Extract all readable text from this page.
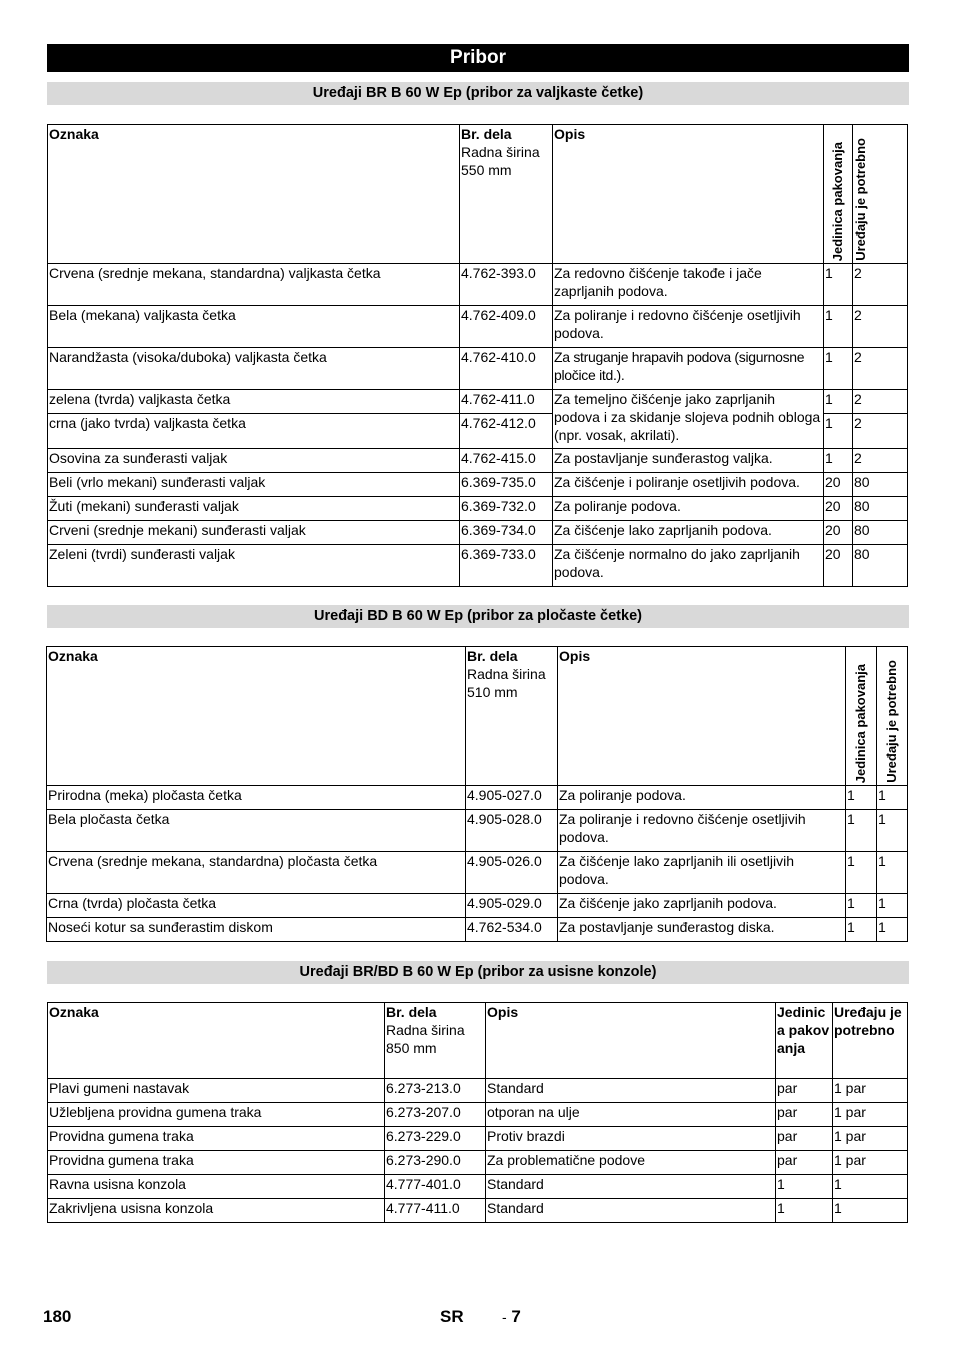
Pribor
Uređaji BR B 60 W Ep (pribor za valjkaste četke)
Oznaka	Br. dela
Radna širina
550 mm	Opis	Jedinica pakovanja	Uređaju je potrebno

Crvena (srednje mekana, standardna) valjkasta četka	4.762-393.0	Za redovno čišćenje takođe i jače zaprljanih podova.	1	2
Bela (mekana) valjkasta četka	4.762-409.0	Za poliranje i redovno čišćenje osetljivih podova.	1	2
Narandžasta (visoka/duboka) valjkasta četka	4.762-410.0	Za struganje hrapavih podova (sigurnosne pločice itd.).	1	2
zelena (tvrda) valjkasta četka	4.762-411.0	Za temeljno čišćenje jako zaprljanih podova i za skidanje slojeva podnih obloga (npr. vosak, akrilati).	1	2
crna (jako tvrda) valjkasta četka	4.762-412.0		1	2
Osovina za sunđerasti valjak	4.762-415.0	Za postavljanje sunđerastog valjka.	1	2
Beli (vrlo mekani) sunđerasti valjak	6.369-735.0	Za čišćenje i poliranje osetljivih podova.	20	80
Žuti (mekani) sunđerasti valjak	6.369-732.0	Za poliranje podova.	20	80
Crveni (srednje mekani) sunđerasti valjak	6.369-734.0	Za čišćenje lako zaprljanih podova.	20	80
Zeleni (tvrdi) sunđerasti valjak	6.369-733.0	Za čišćenje normalno do jako zaprljanih podova.	20	80
Uređaji BD B 60 W Ep (pribor za pločaste četke)
Oznaka	Br. dela
Radna širina
510 mm	Opis	Jedinica pakovanja	Uređaju je potrebno

Prirodna (meka) pločasta četka	4.905-027.0	Za poliranje podova.	1	1
Bela pločasta četka	4.905-028.0	Za poliranje i redovno čišćenje osetljivih podova.	1	1
Crvena (srednje mekana, standardna) pločasta četka	4.905-026.0	Za čišćenje lako zaprljanih ili osetljivih podova.	1	1
Crna (tvrda) pločasta četka	4.905-029.0	Za čišćenje jako zaprljanih podova.	1	1
Noseći kotur sa sunđerastim diskom	4.762-534.0	Za postavljanje sunđerastog diska.	1	1
Uređaji BR/BD B 60 W Ep (pribor za usisne konzole)
Oznaka	Br. dela
Radna širina
850 mm	Opis	Jedinica pakovanja	Uređaju je potrebno
Plavi gumeni nastavak	6.273-213.0	Standard	par	1 par
Užlebljena providna gumena traka	6.273-207.0	otporan na ulje	par	1 par
Providna gumena traka	6.273-229.0	Protiv brazdi	par	1 par
Providna gumena traka	6.273-290.0	Za problematične podove	par	1 par
Ravna usisna konzola	4.777-401.0	Standard	1	1
Zakrivljena usisna konzola	4.777-411.0	Standard	1	1
180	SR	- 7
